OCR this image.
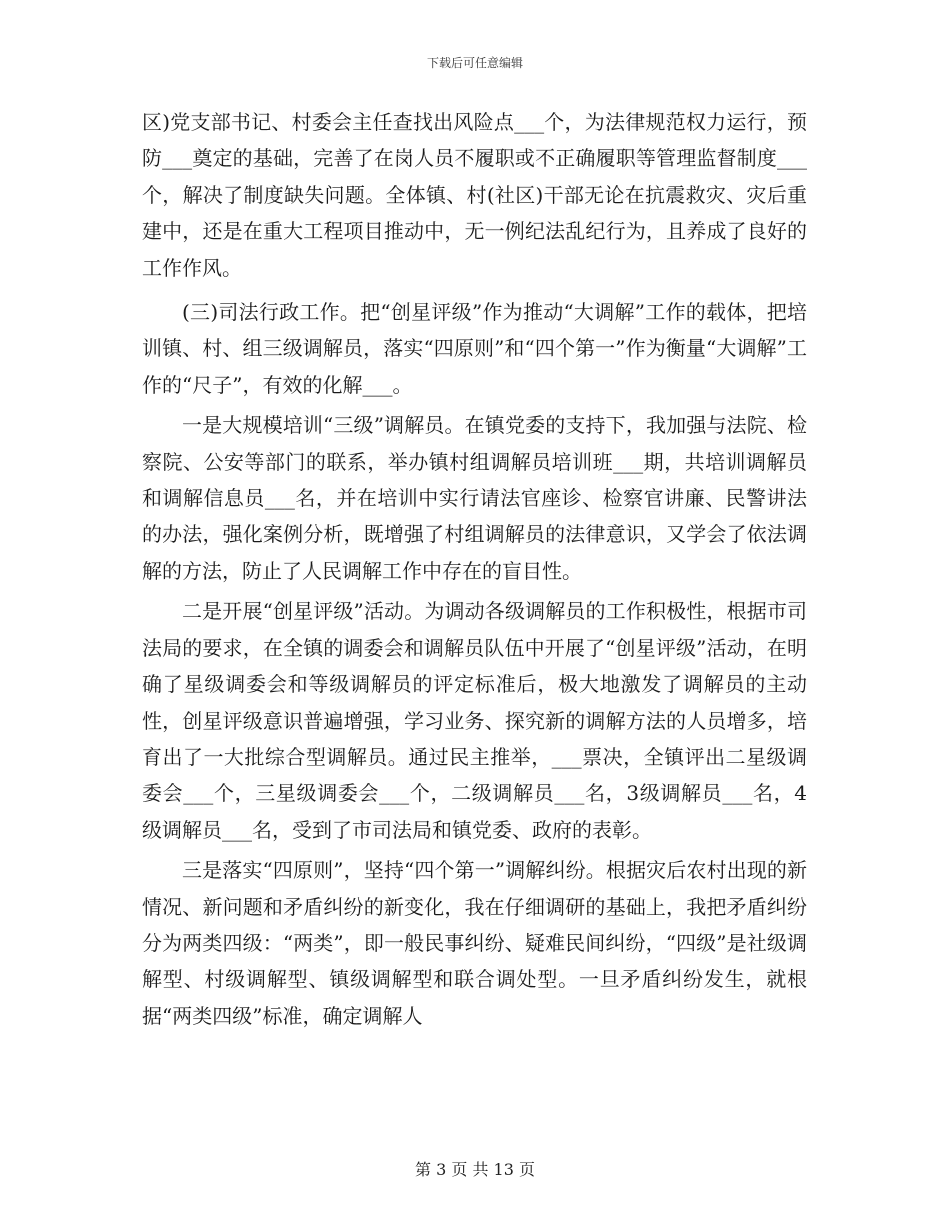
下载后可任意编辑

区)党支部书记、村委会主任查找出风险点___个，为法律规范权力运行，预防___奠定的基础，完善了在岗人员不履职或不正确履职等管理监督制度___个，解决了制度缺失问题。全体镇、村(社区)干部无论在抗震救灾、灾后重建中，还是在重大工程项目推动中，无一例纪法乱纪行为，且养成了良好的工作作风。

(三)司法行政工作。把“创星评级”作为推动“大调解”工作的载体，把培训镇、村、组三级调解员，落实“四原则”和“四个第一”作为衡量“大调解”工作的“尺子”，有效的化解___。

一是大规模培训“三级”调解员。在镇党委的支持下，我加强与法院、检察院、公安等部门的联系，举办镇村组调解员培训班___期，共培训调解员和调解信息员___名，并在培训中实行请法官座诊、检察官讲廉、民警讲法的办法，强化案例分析，既增强了村组调解员的法律意识，又学会了依法调解的方法，防止了人民调解工作中存在的盲目性。

二是开展“创星评级”活动。为调动各级调解员的工作积极性，根据市司法局的要求，在全镇的调委会和调解员队伍中开展了“创星评级”活动，在明确了星级调委会和等级调解员的评定标准后，极大地激发了调解员的主动性，创星评级意识普遍增强，学习业务、探究新的调解方法的人员增多，培育出了一大批综合型调解员。通过民主推举，___票决，全镇评出二星级调委会___个，三星级调委会___个，二级调解员___名，3级调解员___名，4级调解员___名，受到了市司法局和镇党委、政府的表彰。

三是落实“四原则”，坚持“四个第一”调解纠纷。根据灾后农村出现的新情况、新问题和矛盾纠纷的新变化，我在仔细调研的基础上，我把矛盾纠纷分为两类四级：“两类”，即一般民事纠纷、疑难民间纠纷，“四级”是社级调解型、村级调解型、镇级调解型和联合调处型。一旦矛盾纠纷发生，就根据“两类四级”标准，确定调解人

第 3 页 共 13 页
